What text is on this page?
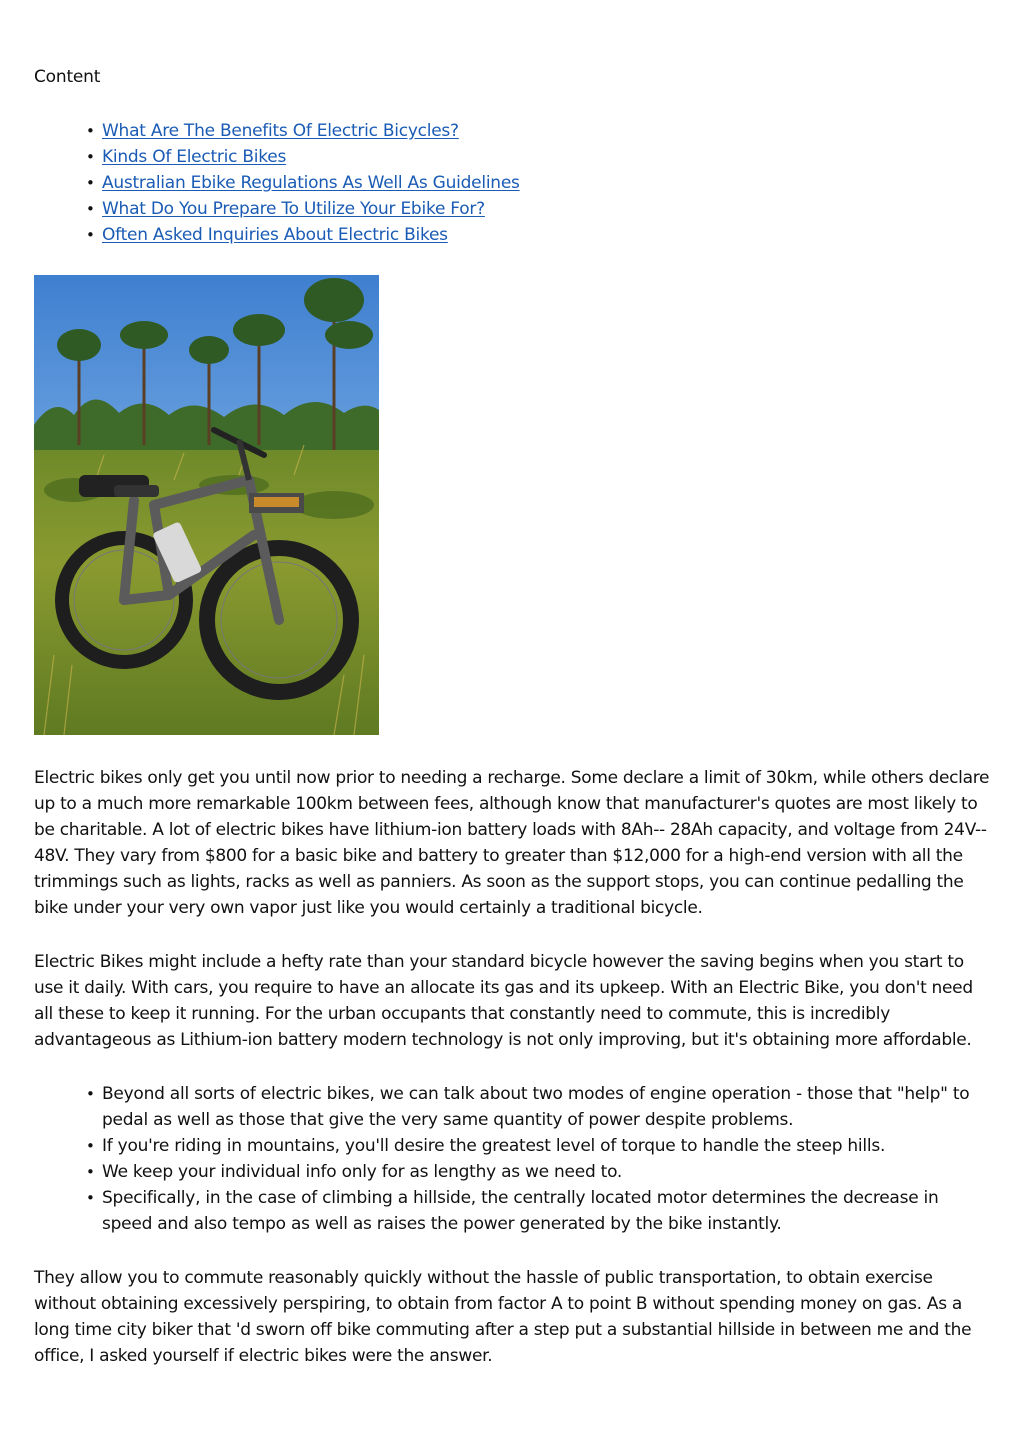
Content
• What Are The Benefits Of Electric Bicycles?
• Kinds Of Electric Bikes
• Australian Ebike Regulations As Well As Guidelines
• What Do You Prepare To Utilize Your Ebike For?
• Often Asked Inquiries About Electric Bikes

Electric bikes only get you until now prior to needing a recharge. Some declare a limit of 30km, while others declare up to a much more remarkable 100km between fees, although know that manufacturer's quotes are most likely to be charitable. A lot of electric bikes have lithium-ion battery loads with 8Ah-- 28Ah capacity, and voltage from 24V-- 48V. They vary from $800 for a basic bike and battery to greater than $12,000 for a high-end version with all the trimmings such as lights, racks as well as panniers. As soon as the support stops, you can continue pedalling the bike under your very own vapor just like you would certainly a traditional bicycle.

Electric Bikes might include a hefty rate than your standard bicycle however the saving begins when you start to use it daily. With cars, you require to have an allocate its gas and its upkeep. With an Electric Bike, you don't need all these to keep it running. For the urban occupants that constantly need to commute, this is incredibly advantageous as Lithium-ion battery modern technology is not only improving, but it's obtaining more affordable.

• Beyond all sorts of electric bikes, we can talk about two modes of engine operation - those that "help" to pedal as well as those that give the very same quantity of power despite problems.
• If you're riding in mountains, you'll desire the greatest level of torque to handle the steep hills.
• We keep your individual info only for as lengthy as we need to.
• Specifically, in the case of climbing a hillside, the centrally located motor determines the decrease in speed and also tempo as well as raises the power generated by the bike instantly.

They allow you to commute reasonably quickly without the hassle of public transportation, to obtain exercise without obtaining excessively perspiring, to obtain from factor A to point B without spending money on gas. As a long time city biker that 'd sworn off bike commuting after a step put a substantial hillside in between me and the office, I asked yourself if electric bikes were the answer.
